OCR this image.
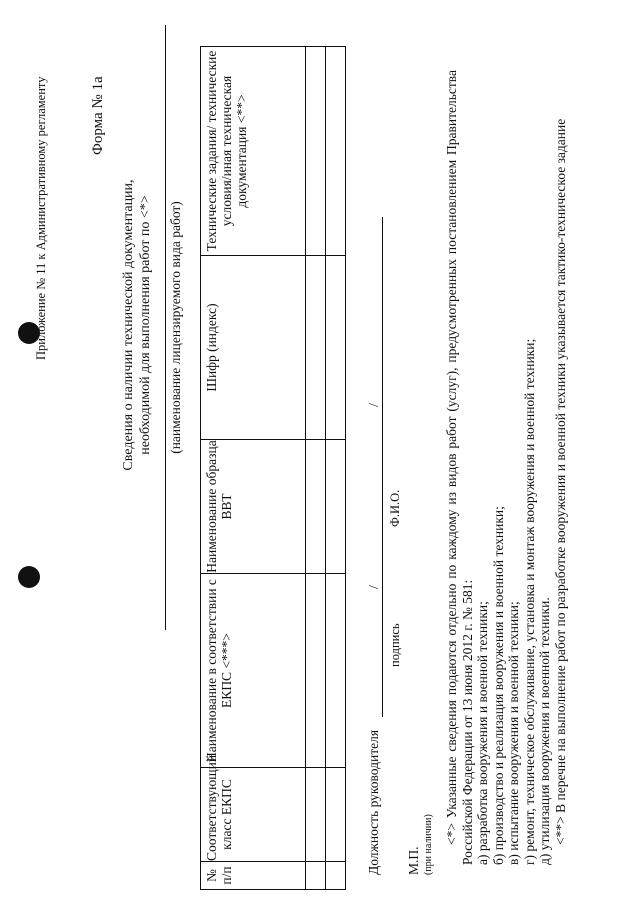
Приложение № 11 к Административному регламенту	Форма № 1а
Сведения о наличии технической документации, необходимой для выполнения работ по <*> (наименование лицензируемого вида работ)
№ п/п	Соответствующий класс ЕКПС	Наименование в соответствии с ЕКПС <***>	Наименование образца ВВТ	Шифр (индекс)	Технические задания/ технические условия/иная техническая документация <**>

Должность руководителя
/
/
подпись
Ф.И.О.
М.П. (при наличии) <*> Указанные сведения подаются отдельно по каждому из видов работ (услуг), предусмотренных постановлением Правительства Российской Федерации от 13 июня 2012 г. № 581: а) разработка вооружения и военной техники; б) производство и реализация вооружения и военной техники; в) испытание вооружения и военной техники; г) ремонт, техническое обслуживание, установка и монтаж вооружения и военной техники; д) утилизация вооружения и военной техники. <**> В перечне на выполнение работ по разработке вооружения и военной техники указывается тактико-техническое задание
